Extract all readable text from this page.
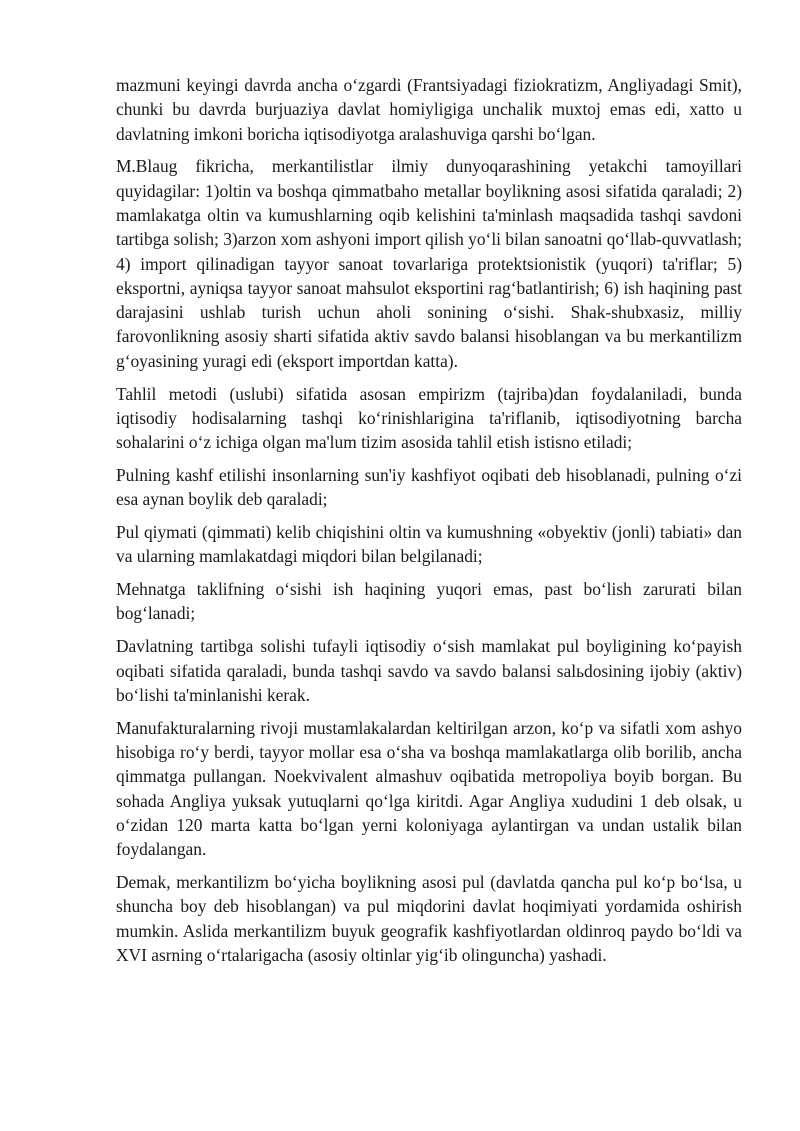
mazmuni keyingi davrda ancha o‘zgardi (Frantsiyadagi fiziokratizm, Angliyadagi Smit), chunki bu davrda burjuaziya davlat homiyligiga unchalik muxtoj emas edi, xatto u davlatning imkoni boricha iqtisodiyotga aralashuviga qarshi bo‘lgan.

M.Blaug fikricha, merkantilistlar ilmiy dunyoqarashining yetakchi tamoyillari quyidagilar: 1)oltin va boshqa qimmatbaho metallar boylikning asosi sifatida qaraladi; 2) mamlakatga oltin va kumushlarning oqib kelishini ta'minlash maqsadida tashqi savdoni tartibga solish; 3)arzon xom ashyoni import qilish yo‘li bilan sanoatni qo‘llab-quvvatlash; 4) import qilinadigan tayyor sanoat tovarlariga protektsionistik (yuqori) ta'riflar; 5) eksportni, ayniqsa tayyor sanoat mahsulot eksportini rag‘batlantirish; 6) ish haqining past darajasini ushlab turish uchun aholi sonining o‘sishi. Shak-shubxasiz, milliy farovonlikning asosiy sharti sifatida aktiv savdo balansi hisoblangan va bu merkantilizm g‘oyasining yuragi edi (eksport importdan katta).

Tahlil metodi (uslubi) sifatida asosan empirizm (tajriba)dan foydalaniladi, bunda iqtisodiy hodisalarning tashqi ko‘rinishlarigina ta'riflanib, iqtisodiyotning barcha sohalarini o‘z ichiga olgan ma'lum tizim asosida tahlil etish istisno etiladi;

Pulning kashf etilishi insonlarning sun'iy kashfiyot oqibati deb hisoblanadi, pulning o‘zi esa aynan boylik deb qaraladi;

Pul qiymati (qimmati) kelib chiqishini oltin va kumushning «obyektiv (jonli) tabiati» dan va ularning mamlakatdagi miqdori bilan belgilanadi;

Mehnatga taklifning o‘sishi ish haqining yuqori emas, past bo‘lish zarurati bilan bog‘lanadi;

Davlatning tartibga solishi tufayli iqtisodiy o‘sish mamlakat pul boyligining ko‘payish oqibati sifatida qaraladi, bunda tashqi savdo va savdo balansi salьdosining ijobiy (aktiv) bo‘lishi ta'minlanishi kerak.

Manufakturalarning rivoji mustamlakalardan keltirilgan arzon, ko‘p va sifatli xom ashyo hisobiga ro‘y berdi, tayyor mollar esa o‘sha va boshqa mamlakatlarga olib borilib, ancha qimmatga pullangan. Noekvivalent almashuv oqibatida metropoliya boyib borgan. Bu sohada Angliya yuksak yutuqlarni qo‘lga kiritdi. Agar Angliya xududini 1 deb olsak, u o‘zidan 120 marta katta bo‘lgan yerni koloniyaga aylantirgan va undan ustalik bilan foydalangan.

Demak, merkantilizm bo‘yicha boylikning asosi pul (davlatda qancha pul ko‘p bo‘lsa, u shuncha boy deb hisoblangan) va pul miqdorini davlat hoqimiyati yordamida oshirish mumkin. Aslida merkantilizm buyuk geografik kashfiyotlardan oldinroq paydo bo‘ldi va XVI asrning o‘rtalarigacha (asosiy oltinlar yig‘ib olinguncha) yashadi.
